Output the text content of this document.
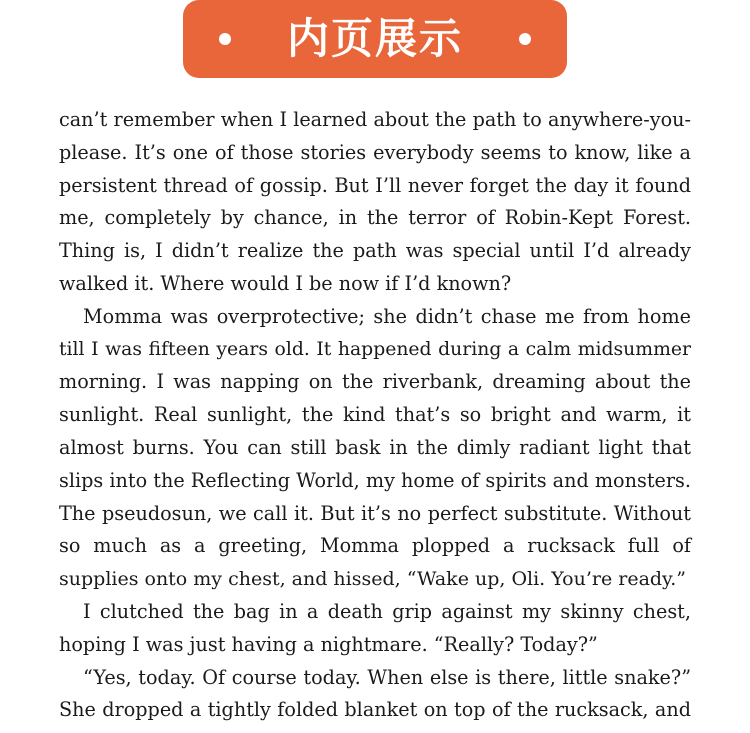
内页展示
can’t remember when I learned about the path to anywhere-you-
please. It’s one of those stories everybody seems to know, like a
persistent thread of gossip. But I’ll never forget the day it found
me, completely by chance, in the terror of Robin-Kept Forest.
Thing is, I didn’t realize the path was special until I’d already
walked it. Where would I be now if I’d known?
Momma was overprotective; she didn’t chase me from home
till I was fifteen years old. It happened during a calm midsummer
morning. I was napping on the riverbank, dreaming about the
sunlight. Real sunlight, the kind that’s so bright and warm, it
almost burns. You can still bask in the dimly radiant light that
slips into the Reflecting World, my home of spirits and monsters.
The pseudosun, we call it. But it’s no perfect substitute. Without
so much as a greeting, Momma plopped a rucksack full of
supplies onto my chest, and hissed, “Wake up, Oli. You’re ready.”
I clutched the bag in a death grip against my skinny chest,
hoping I was just having a nightmare. “Really? Today?”
“Yes, today. Of course today. When else is there, little snake?”
She dropped a tightly folded blanket on top of the rucksack, and
